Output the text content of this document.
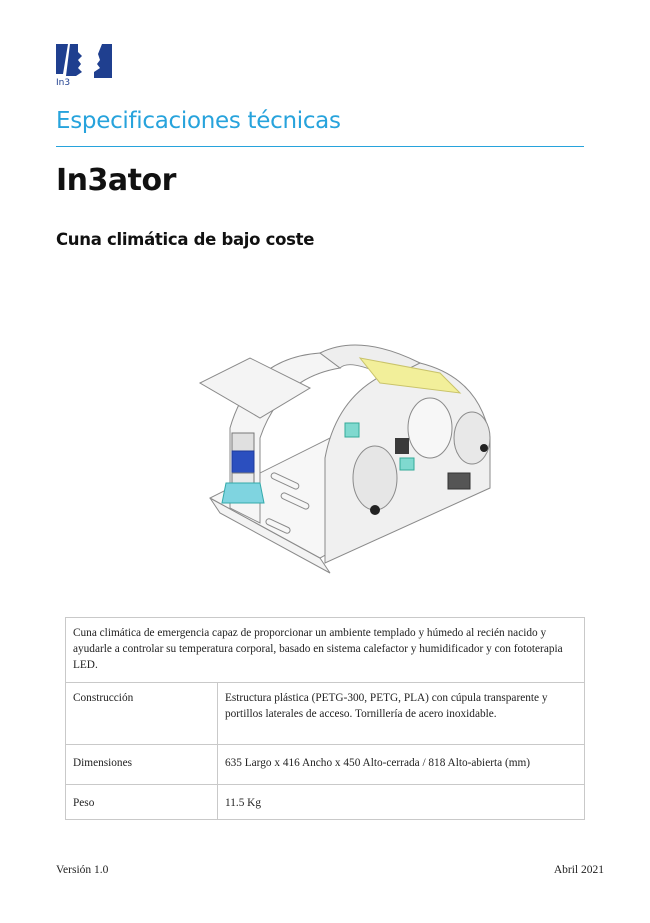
In3
Especificaciones técnicas
In3ator
Cuna climática de bajo coste
Cuna climática de emergencia capaz de proporcionar un ambiente templado y húmedo al recién nacido y ayudarle a controlar su temperatura corporal, basado en sistema calefactor y humidificador y con fototerapia LED.	
Construcción	Estructura plástica (PETG-300, PETG, PLA) con cúpula transparente y portillos laterales de acceso. Tornillería de acero inoxidable.
Dimensiones	635 Largo x 416 Ancho x 450 Alto-cerrada / 818 Alto-abierta (mm)
Peso	11.5 Kg
Versión 1.0	Abril 2021
